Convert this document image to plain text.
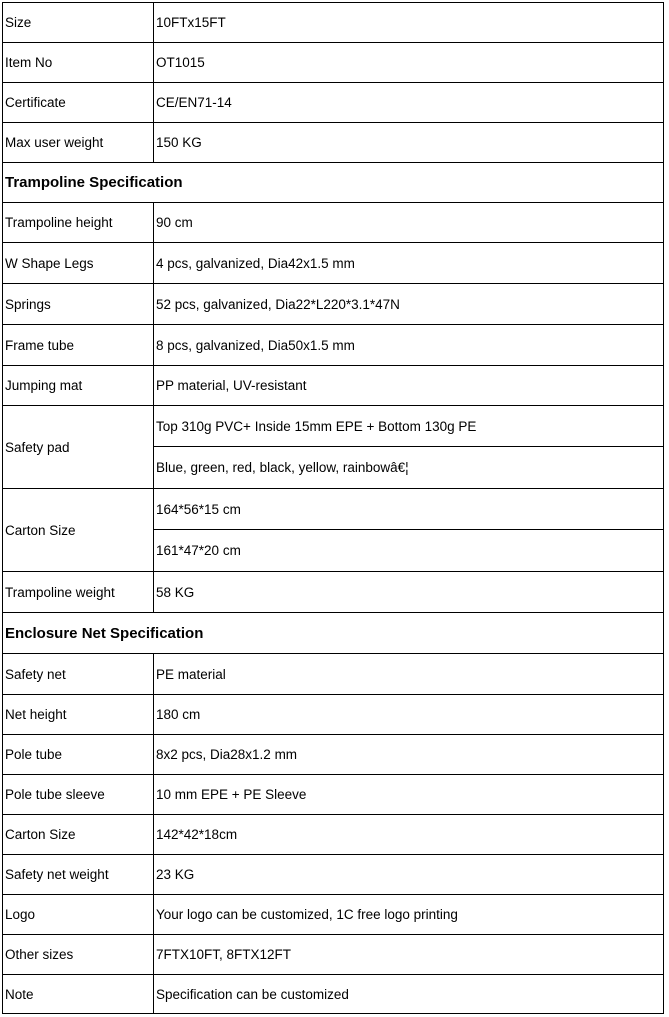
Size	10FTx15FT
Item No	OT1015
Certificate	CE/EN71-14
Max user weight	150 KG
Trampoline Specification	
Trampoline height	90 cm
W Shape Legs	4 pcs, galvanized, Dia42x1.5 mm
Springs	52 pcs, galvanized, Dia22*L220*3.1*47N
Frame tube	8 pcs, galvanized, Dia50x1.5 mm
Jumping mat	PP material, UV-resistant
Safety pad	Top 310g PVC+ Inside 15mm EPE + Bottom 130g PE
	Blue, green, red, black, yellow, rainbowâ€¦
Carton Size	164*56*15 cm
	161*47*20 cm
Trampoline weight	58 KG
Enclosure Net Specification	
Safety net	PE material
Net height	180 cm
Pole tube	8x2 pcs, Dia28x1.2 mm
Pole tube sleeve	10 mm EPE + PE Sleeve
Carton Size	142*42*18cm
Safety net weight	23 KG
Logo	Your logo can be customized, 1C free logo printing
Other sizes	7FTX10FT, 8FTX12FT
Note	Specification can be customized
